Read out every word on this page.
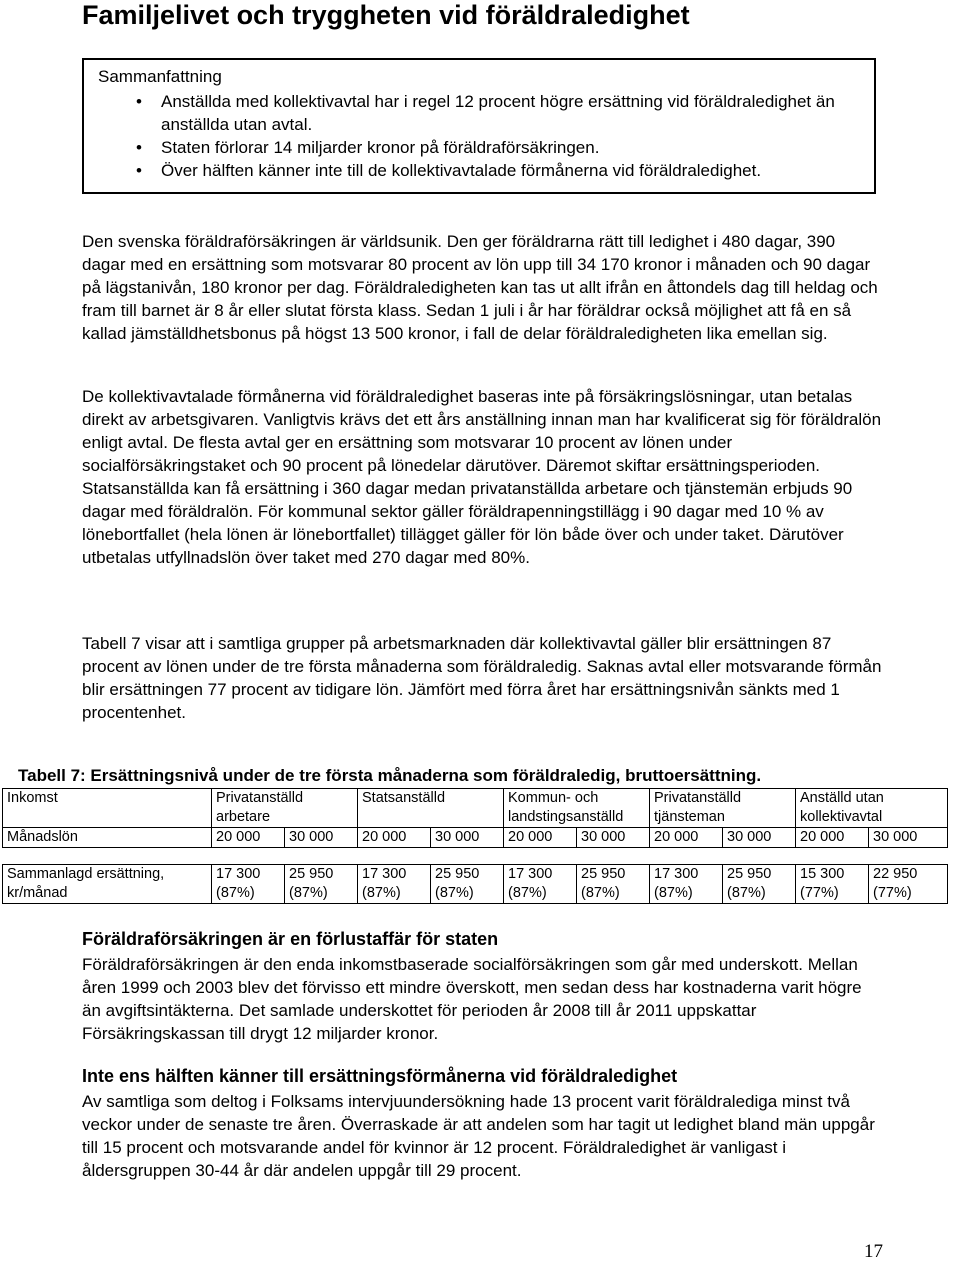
Familjelivet och tryggheten vid föräldraledighet
Sammanfattning
• Anställda med kollektivavtal har i regel 12 procent högre ersättning vid föräldraledighet än anställda utan avtal.
• Staten förlorar 14 miljarder kronor på föräldraförsäkringen.
• Över hälften känner inte till de kollektivavtalade förmånerna vid föräldraledighet.

Den svenska föräldraförsäkringen är världsunik. Den ger föräldrarna rätt till ledighet i 480 dagar, 390 dagar med en ersättning som motsvarar 80 procent av lön upp till 34 170 kronor i månaden och 90 dagar på lägstanivån, 180 kronor per dag. Föräldraledigheten kan tas ut allt ifrån en åttondels dag till heldag och fram till barnet är 8 år eller slutat första klass. Sedan 1 juli i år har föräldrar också möjlighet att få en så kallad jämställdhetsbonus på högst 13 500 kronor, i fall de delar föräldraledigheten lika emellan sig.

De kollektivavtalade förmånerna vid föräldraledighet baseras inte på försäkringslösningar, utan betalas direkt av arbetsgivaren. Vanligtvis krävs det ett års anställning innan man har kvalificerat sig för föräldralön enligt avtal. De flesta avtal ger en ersättning som motsvarar 10 procent av lönen under socialförsäkringstaket och 90 procent på lönedelar därutöver. Däremot skiftar ersättningsperioden. Statsanställda kan få ersättning i 360 dagar medan privatanställda arbetare och tjänstemän erbjuds 90 dagar med föräldralön. För kommunal sektor gäller föräldrapenningstillägg i 90 dagar med 10 % av lönebortfallet (hela lönen är lönebortfallet) tillägget gäller för lön både över och under taket. Därutöver utbetalas utfyllnadslön över taket med 270 dagar med 80%.

Tabell 7 visar att i samtliga grupper på arbetsmarknaden där kollektivavtal gäller blir ersättningen 87 procent av lönen under de tre första månaderna som föräldraledig. Saknas avtal eller motsvarande förmån blir ersättningen 77 procent av tidigare lön. Jämfört med förra året har ersättningsnivån sänkts med 1 procentenhet.

Tabell 7: Ersättningsnivå under de tre första månaderna som föräldraledig, bruttoersättning.
Inkomst	Privatanställd arbetare		Statsanställd		Kommun- och landstingsanställd		Privatanställd tjänsteman		Anställd utan kollektivavtal	
Månadslön	20 000	30 000	20 000	30 000	20 000	30 000	20 000	30 000	20 000	30 000

Sammanlagd ersättning, kr/månad	17 300 (87%)	25 950 (87%)	17 300 (87%)	25 950 (87%)	17 300 (87%)	25 950 (87%)	17 300 (87%)	25 950 (87%)	15 300 (77%)	22 950 (77%)
Föräldraförsäkringen är en förlustaffär för staten

Föräldraförsäkringen är den enda inkomstbaserade socialförsäkringen som går med underskott. Mellan åren 1999 och 2003 blev det förvisso ett mindre överskott, men sedan dess har kostnaderna varit högre än avgiftsintäkterna. Det samlade underskottet för perioden år 2008 till år 2011 uppskattar Försäkringskassan till drygt 12 miljarder kronor.

Inte ens hälften känner till ersättningsförmånerna vid föräldraledighet

Av samtliga som deltog i Folksams intervjuundersökning hade 13 procent varit föräldralediga minst två veckor under de senaste tre åren. Överraskade är att andelen som har tagit ut ledighet bland män uppgår till 15 procent och motsvarande andel för kvinnor är 12 procent. Föräldraledighet är vanligast i åldersgruppen 30-44 år där andelen uppgår till 29 procent.

17
